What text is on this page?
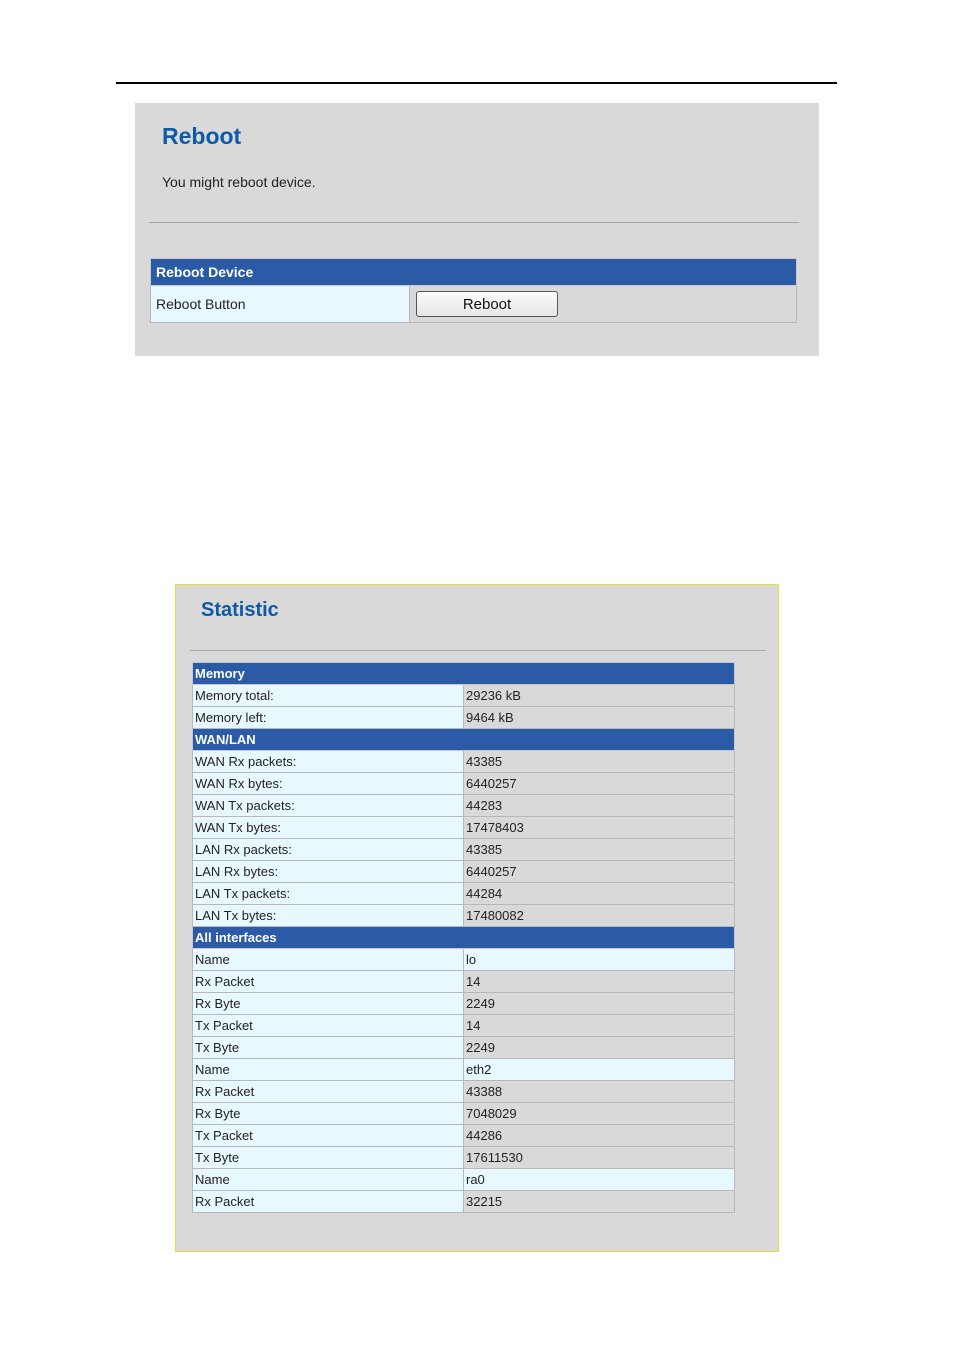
Reboot
You might reboot device.
Reboot Device
Reboot Button	Reboot
Statistic
Memory	
Memory total:	29236 kB
Memory left:	9464 kB
WAN/LAN	
WAN Rx packets:	43385
WAN Rx bytes:	6440257
WAN Tx packets:	44283
WAN Tx bytes:	17478403
LAN Rx packets:	43385
LAN Rx bytes:	6440257
LAN Tx packets:	44284
LAN Tx bytes:	17480082
All interfaces	
Name	lo
Rx Packet	14
Rx Byte	2249
Tx Packet	14
Tx Byte	2249
Name	eth2
Rx Packet	43388
Rx Byte	7048029
Tx Packet	44286
Tx Byte	17611530
Name	ra0
Rx Packet	32215
